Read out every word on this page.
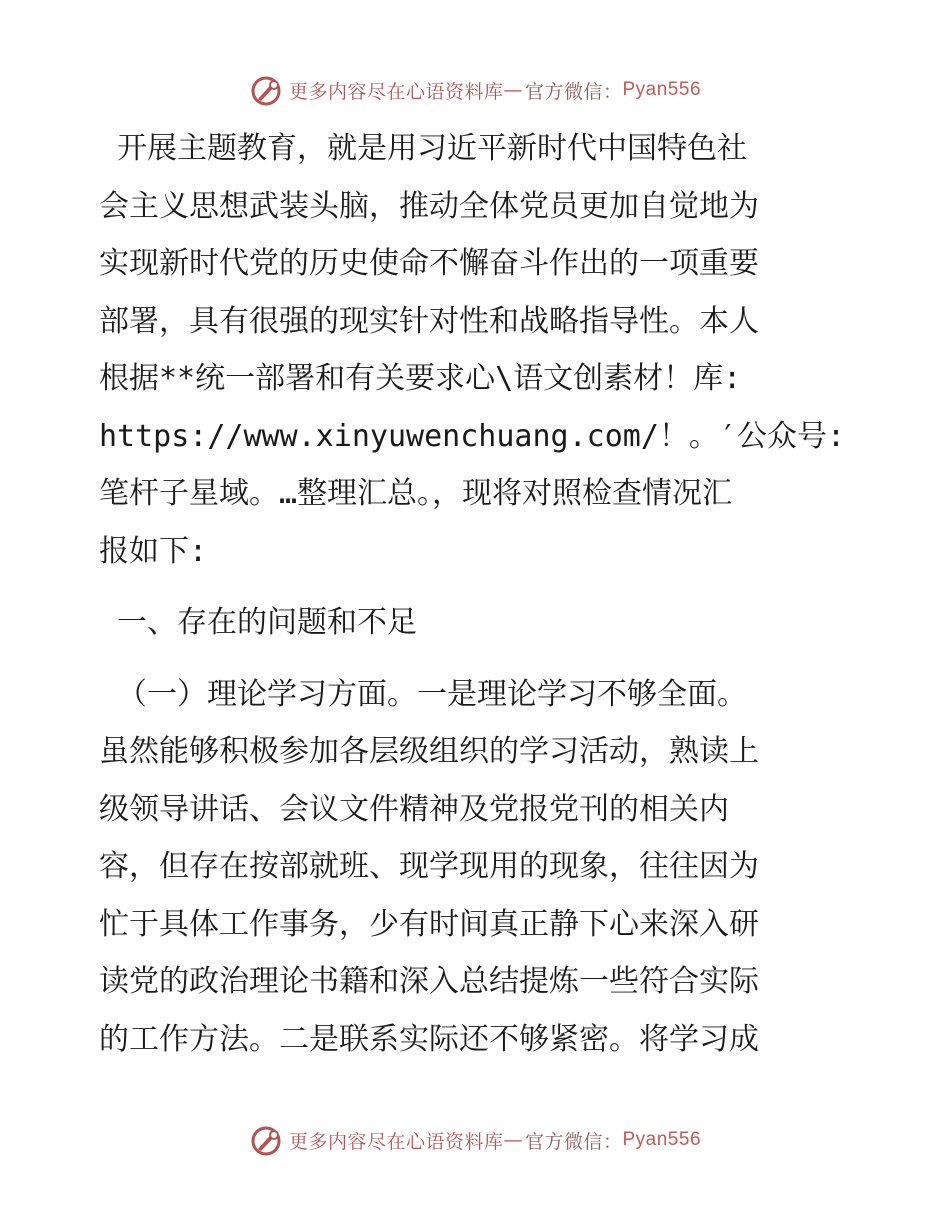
更多内容尽在心语资料库 — 官方微信： Pyan556
开展主题教育，就是用习近平新时代中国特色社
会主义思想武装头脑，推动全体党员更加自觉地为
实现新时代党的历史使命不懈奋斗作出的一项重要
部署，具有很强的现实针对性和战略指导性。本人
根据**统一部署和有关要求心\语文创素材！库:
https://www.xinyuwenchuang.com/！。′公众号:
笔杆子星域。…整理汇总。，现将对照检查情况汇
报如下:
一、存在的问题和不足
（一）理论学习方面。一是理论学习不够全面。
虽然能够积极参加各层级组织的学习活动，熟读上
级领导讲话、会议文件精神及党报党刊的相关内
容，但存在按部就班、现学现用的现象，往往因为
忙于具体工作事务，少有时间真正静下心来深入研
读党的政治理论书籍和深入总结提炼一些符合实际
的工作方法。二是联系实际还不够紧密。将学习成
更多内容尽在心语资料库 — 官方微信： Pyan556
